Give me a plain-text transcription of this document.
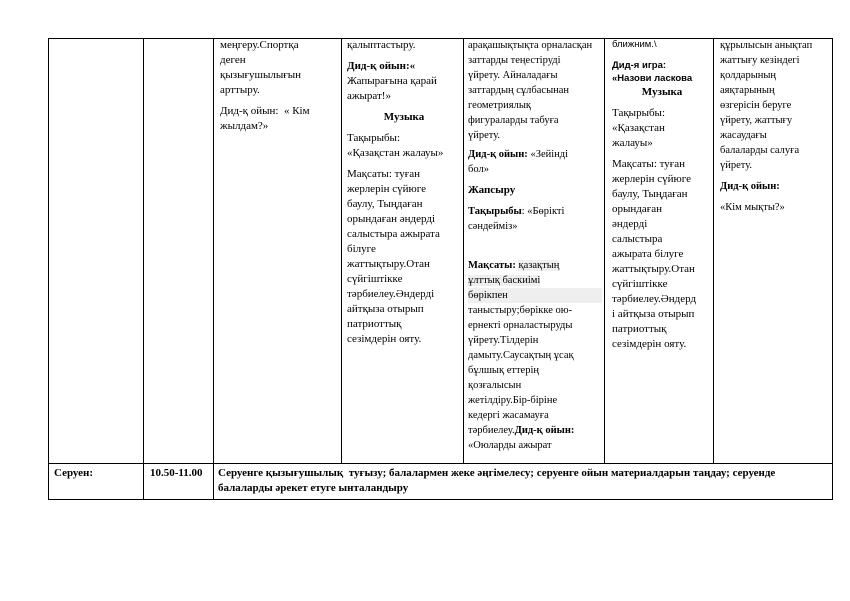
меңгеру.Спортқа

деген

қызығушылығын

арттыру.

Дид-қ ойын: « Кім

жылдам?»

қалыптастыру.

Дид-қ ойын:«

Жапырағына қарай

ажырат!»

Музыка

Тақырыбы:

«Қазақстан жалауы»

Мақсаты: туған

жерлерін сүйюге

баулу, Тыңдаған

орындаған әндерді

салыстыра ажырата

білуге

жаттықтыру.Отан

сүйгіштікке

тәрбиелеу.Әндерді

айтқыза отырып

патриоттық

сезімдерін ояту.

арақашықтықта орналасқан

заттарды теңестіруді

үйрету. Айналадағы

заттардың сұлбасынан

геометриялық

фигураларды табуға

үйрету.

Дид-қ ойын: «Зейінді

бол»

Жапсыру

Тақырыбы: «Бөрікті

сәндейміз»

Мақсаты: қазақтың

ұлттық баскиімі

бөрікпен

таныстыру;бөрікке ою-

ернекті орналастыруды

үйрету.Тілдерін

дамыту.Саусақтың ұсақ

бұлшық еттерің

қозғалысын

жетілдіру.Бір-біріне

кедергі жасамауға

тәрбиелеу.Дид-қ ойын:

«Оюларды ажырат

ближним.\

Дид-я игра:

«Назови ласкова

Музыка

Тақырыбы:

«Қазақстан

жалауы»

Мақсаты: туған

жерлерін сүйюге

баулу, Тыңдаған

орындаған

әндерді

салыстыра

ажырата білуге

жаттықтыру.Отан

сүйгіштікке

тәрбиелеу.Әндерд

і айтқыза отырып

патриоттық

сезімдерін ояту.

құрылысын анықтап

жаттығу кезіндегі

қолдарының

аяқтарының

өзгерісін беруге

үйрету, жаттығу

жасаудағы

балаларды салуға

үйрету.

Дид-қ ойын:

«Кім мықты?»

Серуен:	10.50-11.00	Серуенге қызығушылық  туғызу; балалармен жеке әңгімелесу; серуенге ойын материалдарын таңдау; серуенде

балаларды әрекет етуге ынталандыру
